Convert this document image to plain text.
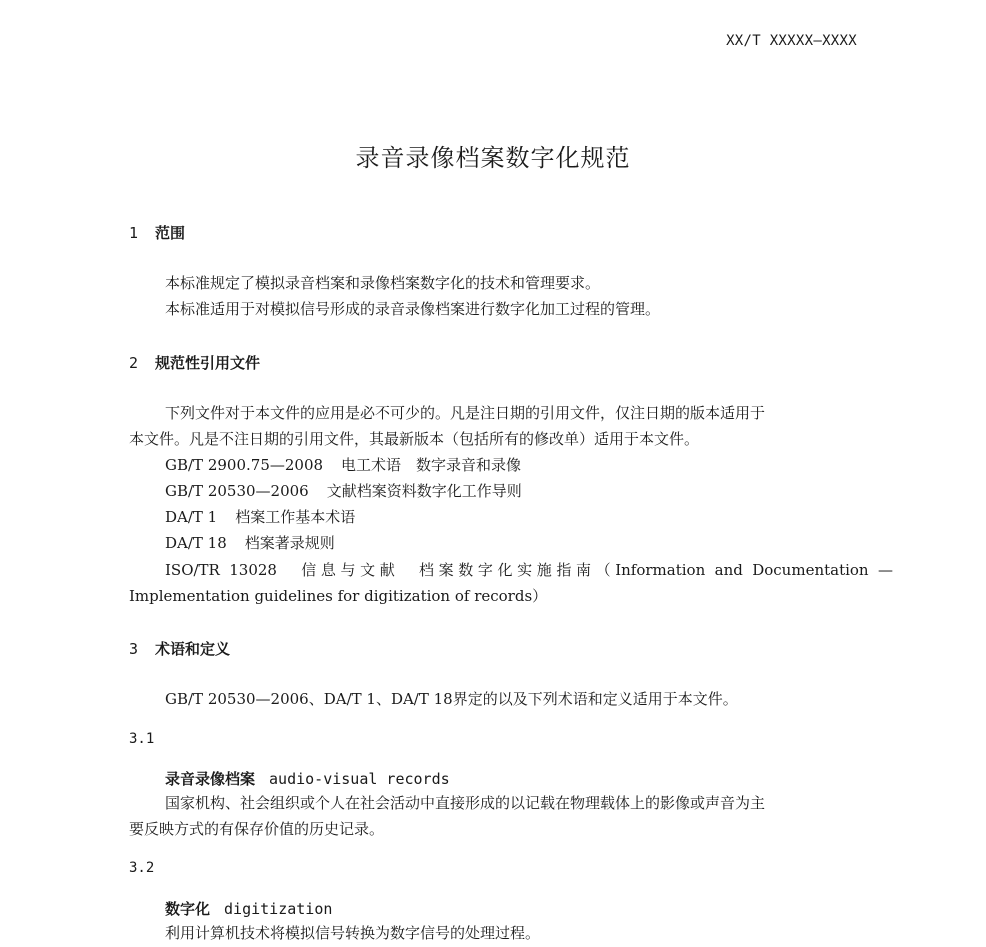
XX/T XXXXX—XXXX
录音录像档案数字化规范
1 范围
本标准规定了模拟录音档案和录像档案数字化的技术和管理要求。
本标准适用于对模拟信号形成的录音录像档案进行数字化加工过程的管理。
2 规范性引用文件
下列文件对于本文件的应用是必不可少的。凡是注日期的引用文件，仅注日期的版本适用于
本文件。凡是不注日期的引用文件，其最新版本（包括所有的修改单）适用于本文件。
GB/T 2900.75—2008 电工术语　数字录音和录像
GB/T 20530—2006 文献档案资料数字化工作导则
DA/T 1 档案工作基本术语
DA/T 18 档案著录规则
ISO/TR 13028　信息与文献　档案数字化实施指南（Information and Documentation —
Implementation guidelines for digitization of records）
3 术语和定义
GB/T 20530—2006、DA/T 1、DA/T 18界定的以及下列术语和定义适用于本文件。
3.1
录音录像档案 audio-visual records
国家机构、社会组织或个人在社会活动中直接形成的以记载在物理载体上的影像或声音为主
要反映方式的有保存价值的历史记录。
3.2
数字化 digitization
利用计算机技术将模拟信号转换为数字信号的处理过程。
